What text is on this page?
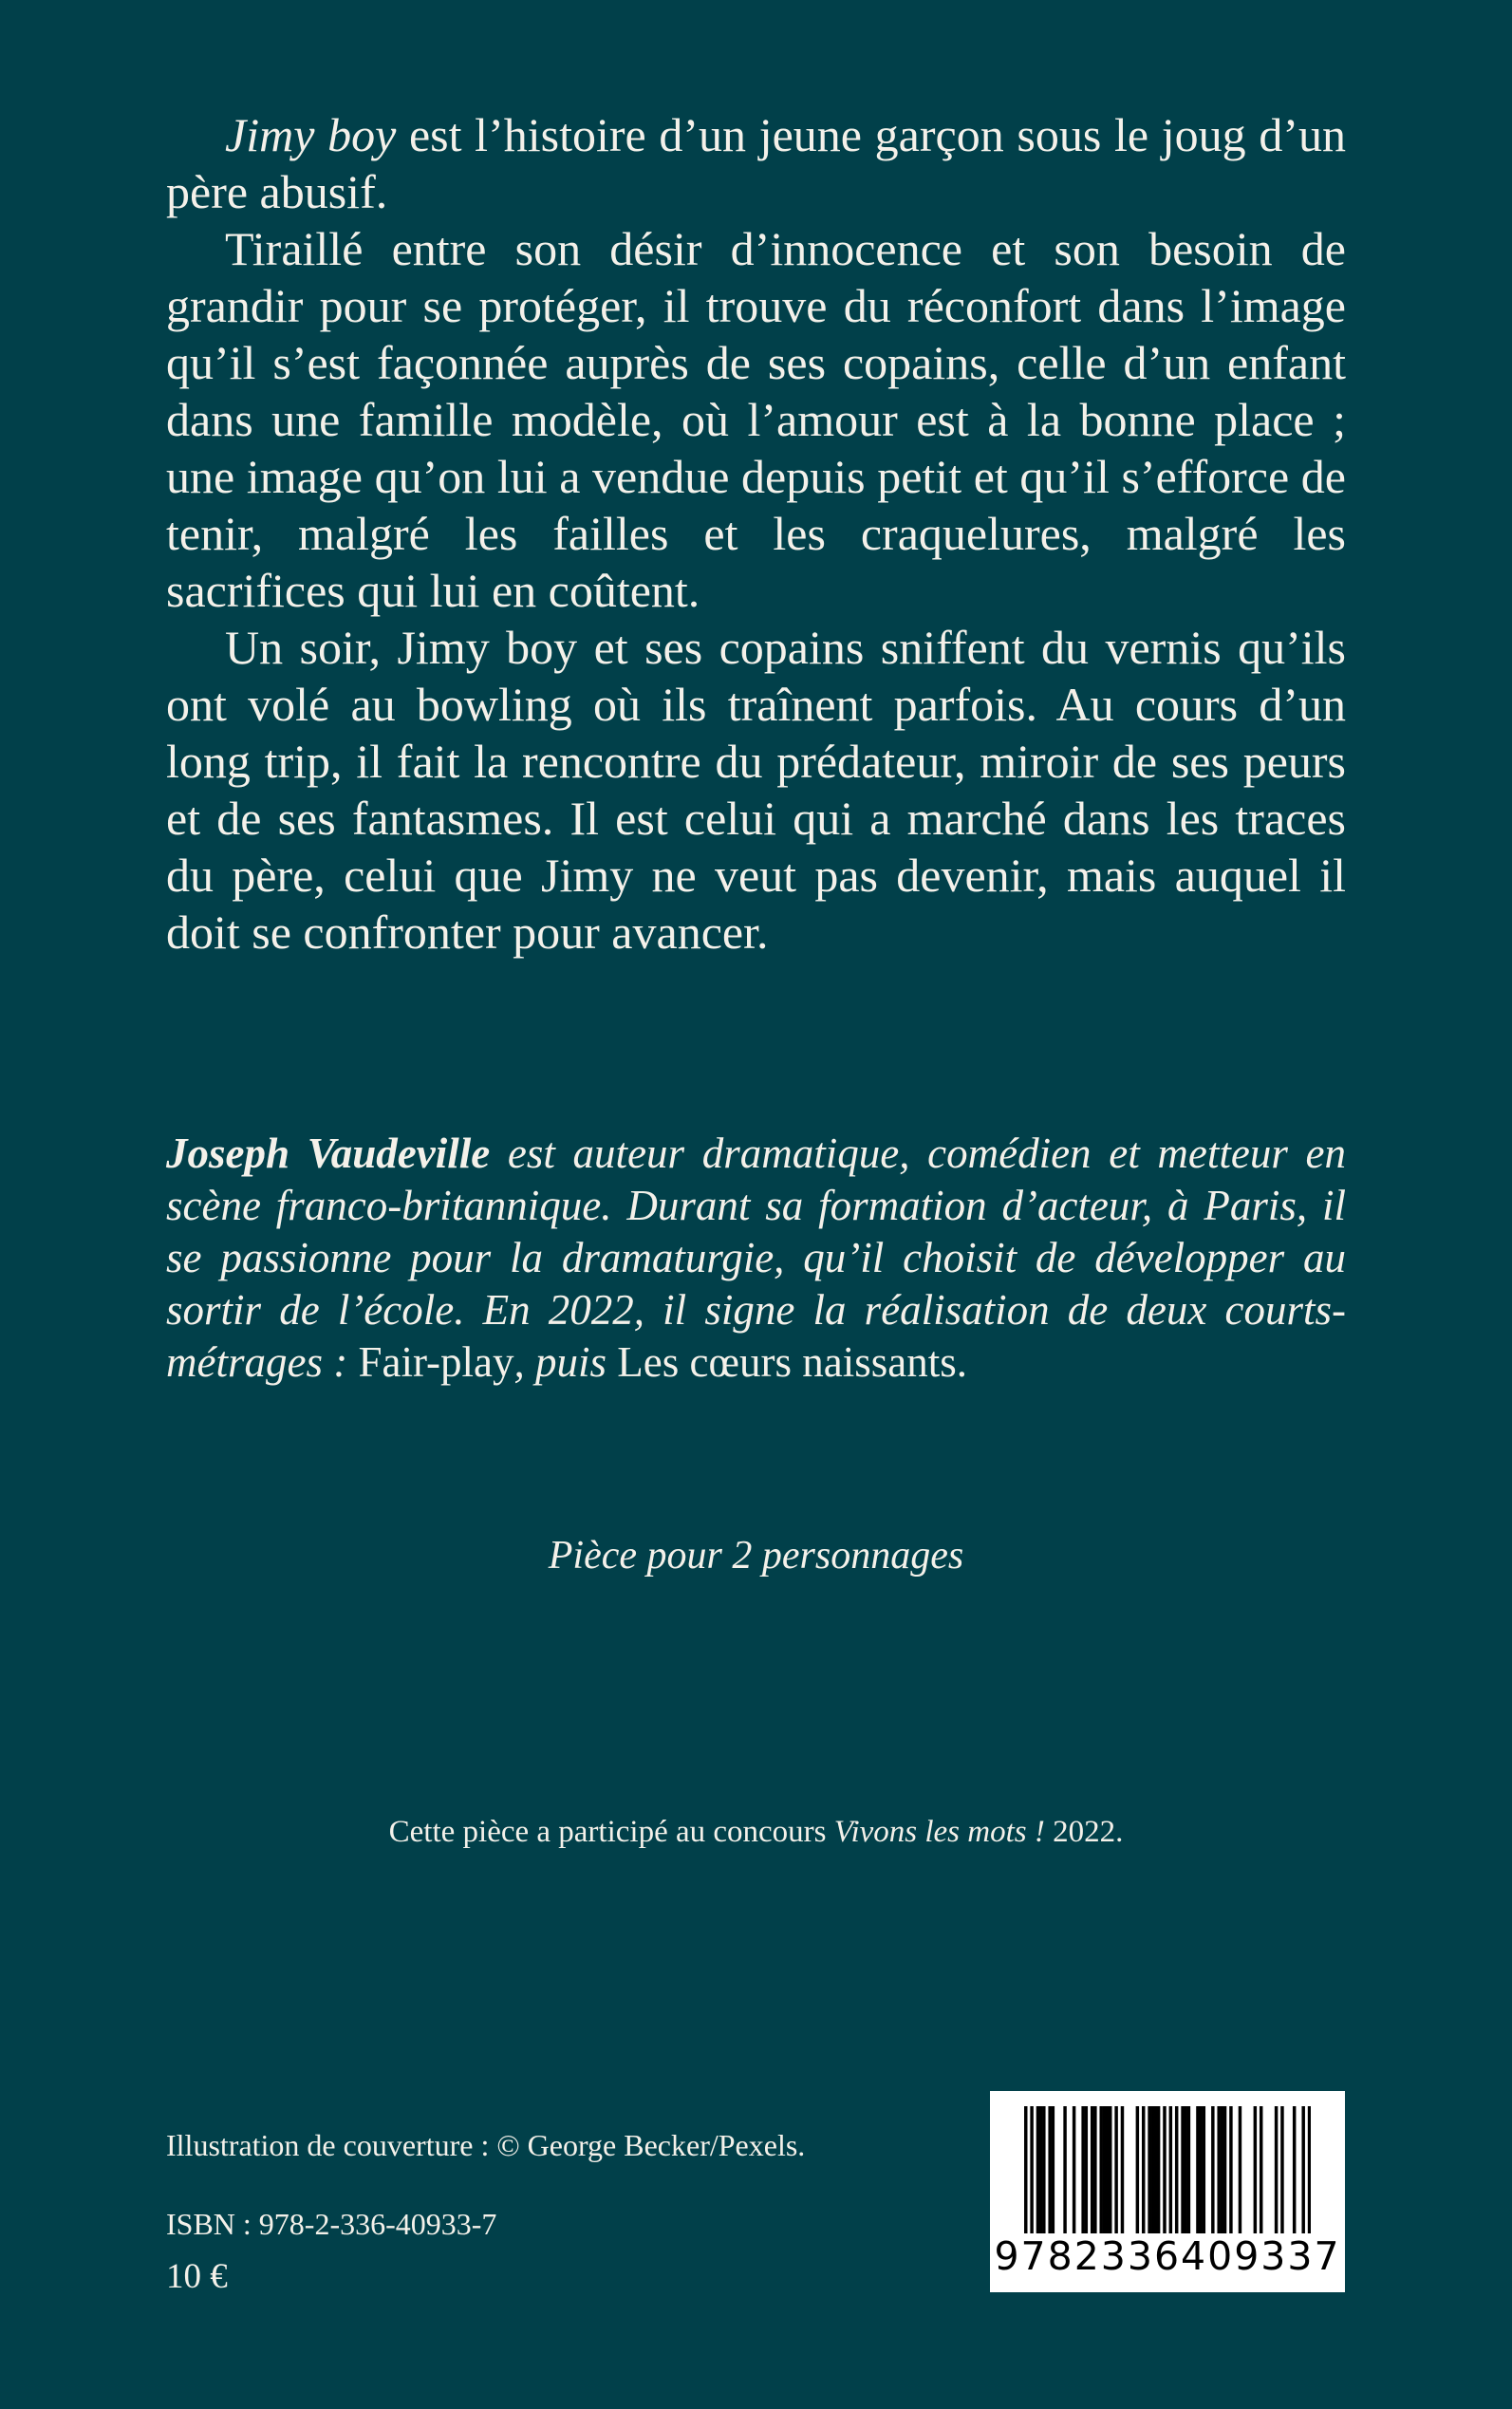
Jimy boy est l’histoire d’un jeune garçon sous le joug d’un père abusif.

Tiraillé entre son désir d’innocence et son besoin de grandir pour se protéger, il trouve du réconfort dans l’image qu’il s’est façonnée auprès de ses copains, celle d’un enfant dans une famille modèle, où l’amour est à la bonne place ; une image qu’on lui a vendue depuis petit et qu’il s’efforce de tenir, malgré les failles et les craquelures, malgré les sacrifices qui lui en coûtent.

Un soir, Jimy boy et ses copains sniffent du vernis qu’ils ont volé au bowling où ils traînent parfois. Au cours d’un long trip, il fait la rencontre du prédateur, miroir de ses peurs et de ses fantasmes. Il est celui qui a marché dans les traces du père, celui que Jimy ne veut pas devenir, mais auquel il doit se confronter pour avancer.

Joseph Vaudeville est auteur dramatique, comédien et metteur en scène franco-britannique. Durant sa formation d’acteur, à Paris, il se passionne pour la dramaturgie, qu’il choisit de développer au sortir de l’école. En 2022, il signe la réalisation de deux courts-métrages : Fair-play, puis Les cœurs naissants.

Pièce pour 2 personnages
Cette pièce a participé au concours Vivons les mots ! 2022.
Illustration de couverture : © George Becker/Pexels.
ISBN : 978-2-336-40933-7
10 €	9782336409337
